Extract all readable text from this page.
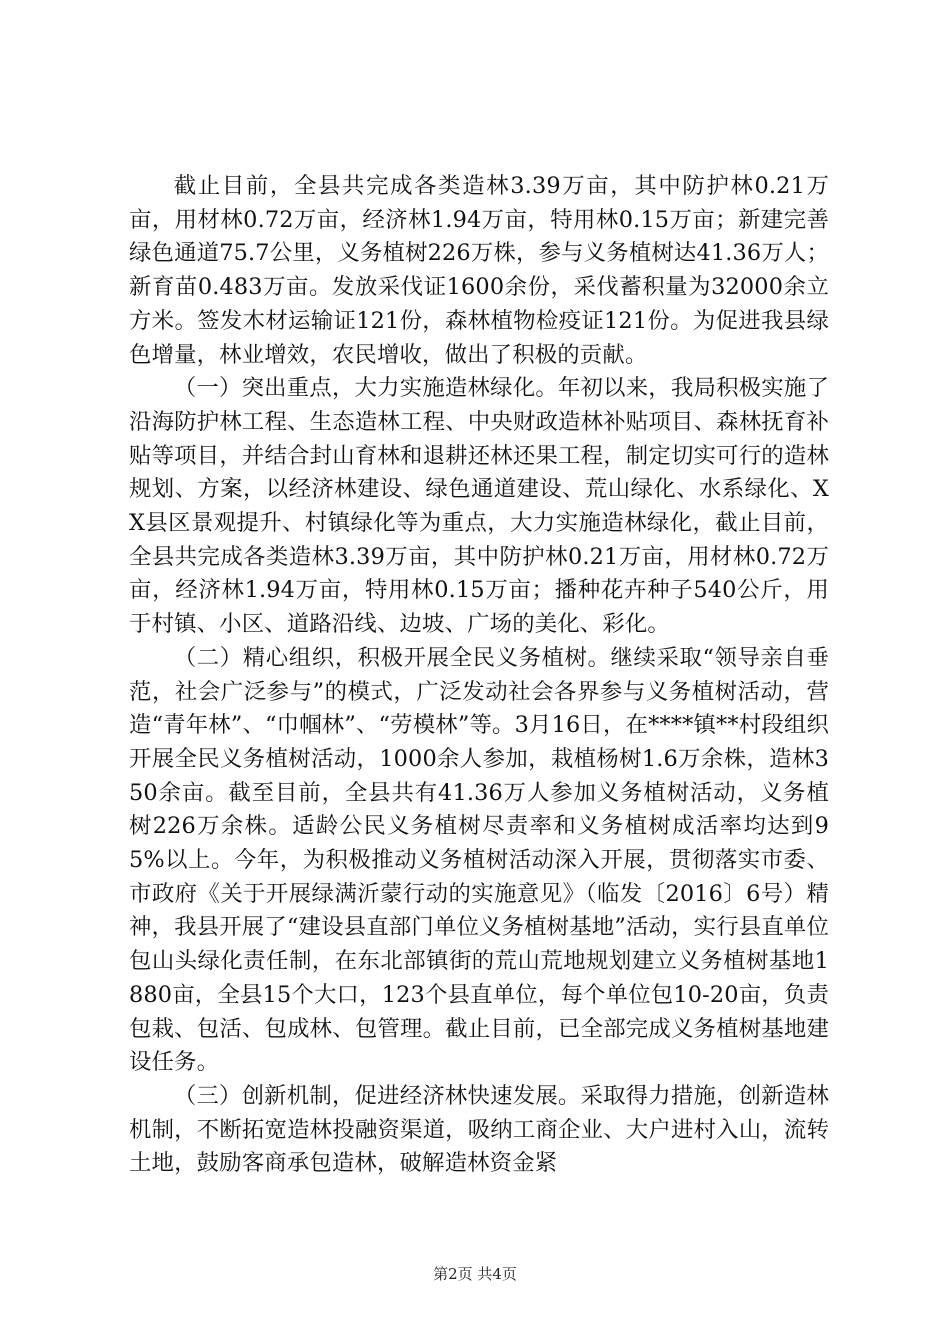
截止目前，全县共完成各类造林3.39万亩，其中防护林0.21万亩，用材林0.72万亩，经济林1.94万亩，特用林0.15万亩；新建完善绿色通道75.7公里，义务植树226万株，参与义务植树达41.36万人；新育苗0.483万亩。发放采伐证1600余份，采伐蓄积量为32000余立方米。签发木材运输证121份，森林植物检疫证121份。为促进我县绿色增量，林业增效，农民增收，做出了积极的贡献。

（一）突出重点，大力实施造林绿化。年初以来，我局积极实施了沿海防护林工程、生态造林工程、中央财政造林补贴项目、森林抚育补贴等项目，并结合封山育林和退耕还林还果工程，制定切实可行的造林规划、方案，以经济林建设、绿色通道建设、荒山绿化、水系绿化、XX县区景观提升、村镇绿化等为重点，大力实施造林绿化，截止目前，全县共完成各类造林3.39万亩，其中防护林0.21万亩，用材林0.72万亩，经济林1.94万亩，特用林0.15万亩；播种花卉种子540公斤，用于村镇、小区、道路沿线、边坡、广场的美化、彩化。

（二）精心组织，积极开展全民义务植树。继续采取“领导亲自垂范，社会广泛参与”的模式，广泛发动社会各界参与义务植树活动，营造“青年林”、“巾帼林”、“劳模林”等。3月16日，在****镇**村段组织开展全民义务植树活动，1000余人参加，栽植杨树1.6万余株，造林350余亩。截至目前，全县共有41.36万人参加义务植树活动，义务植树226万余株。适龄公民义务植树尽责率和义务植树成活率均达到95%以上。今年，为积极推动义务植树活动深入开展，贯彻落实市委、市政府《关于开展绿满沂蒙行动的实施意见》（临发〔2016〕6号）精神，我县开展了“建设县直部门单位义务植树基地”活动，实行县直单位包山头绿化责任制，在东北部镇街的荒山荒地规划建立义务植树基地1880亩，全县15个大口，123个县直单位，每个单位包10-20亩，负责包栽、包活、包成林、包管理。截止目前，已全部完成义务植树基地建设任务。

（三）创新机制，促进经济林快速发展。采取得力措施，创新造林机制，不断拓宽造林投融资渠道，吸纳工商企业、大户进村入山，流转土地，鼓励客商承包造林，破解造林资金紧

第2页 共4页
